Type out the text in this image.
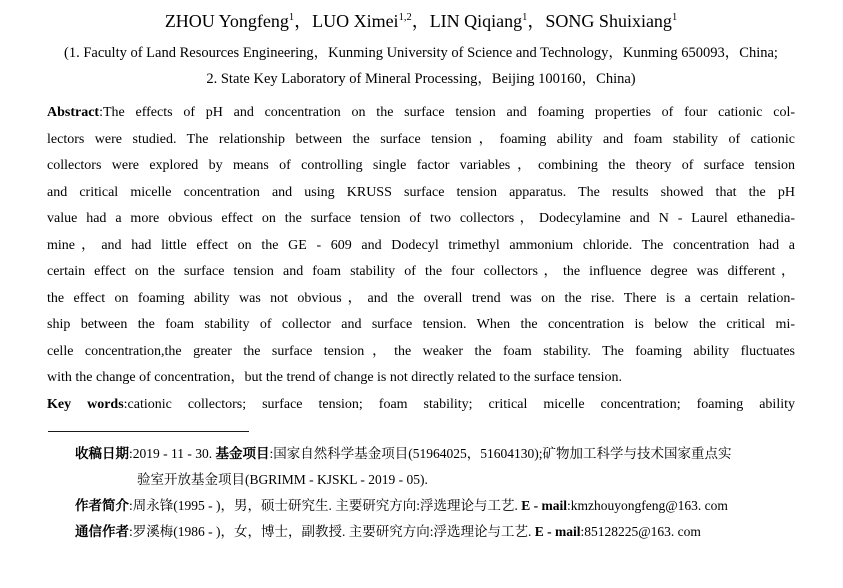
ZHOU Yongfeng$^1$，LUO Ximei$^{1,2}$，LIN Qiqiang$^1$，SONG Shuixiang$^1$
(1. Faculty of Land Resources Engineering，Kunming University of Science and Technology，Kunming 650093，China;
2. State Key Laboratory of Mineral Processing，Beijing 100160，China)
Abstract:The effects of pH and concentration on the surface tension and foaming properties of four cationic col-
lectors were studied. The relationship between the surface tension，foaming ability and foam stability of cationic
collectors were explored by means of controlling single factor variables，combining the theory of surface tension
and critical micelle concentration and using KRUSS surface tension apparatus. The results showed that the pH
value had a more obvious effect on the surface tension of two collectors，Dodecylamine and N - Laurel ethanedia-
mine，and had little effect on the GE - 609 and Dodecyl trimethyl ammonium chloride. The concentration had a
certain effect on the surface tension and foam stability of the four collectors，the influence degree was different，
the effect on foaming ability was not obvious，and the overall trend was on the rise. There is a certain relation-
ship between the foam stability of collector and surface tension. When the concentration is below the critical mi-
celle concentration,the greater the surface tension，the weaker the foam stability. The foaming ability fluctuates
with the change of concentration，but the trend of change is not directly related to the surface tension.
Key words:cationic collectors; surface tension; foam stability; critical micelle concentration; foaming ability
收稿日期:2019 - 11 - 30. 基金项目:国家自然科学基金项目(51964025，51604130);矿物加工科学与技术国家重点实
验室开放基金项目(BGRIMM - KJSKL - 2019 - 05).
作者简介:周永锋(1995 - )，男，硕士研究生. 主要研究方向:浮选理论与工艺. E - mail:kmzhouyongfeng@163. com
通信作者:罗溪梅(1986 - )，女，博士，副教授. 主要研究方向:浮选理论与工艺. E - mail:85128225@163. com
